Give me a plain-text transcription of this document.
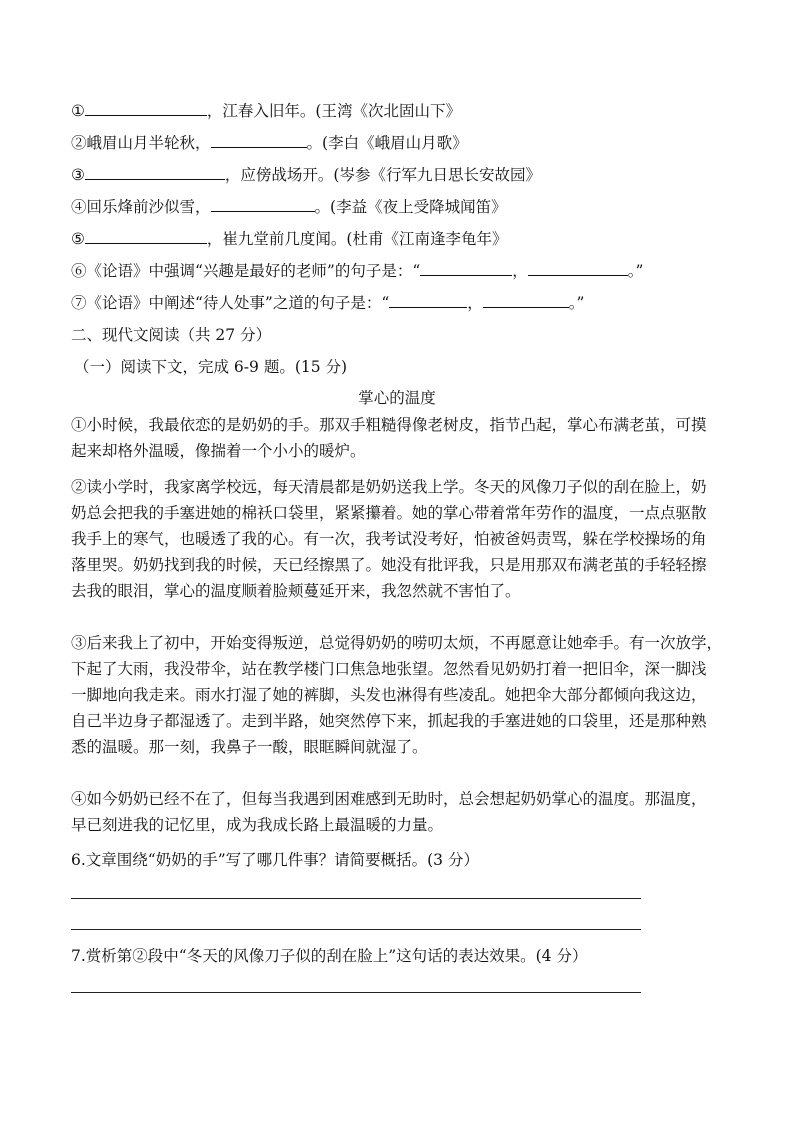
①	，江春入旧年。(王湾《次北固山下》
②峨眉山月半轮秋，	。(李白《峨眉山月歌》
③	，应傍战场开。(岑参《行军九日思长安故园》
④回乐烽前沙似雪，	。(李益《夜上受降城闻笛》
⑤	，崔九堂前几度闻。(杜甫《江南逢李龟年》
⑥《论语》中强调“兴趣是最好的老师”的句子是：“	，	。”
⑦《论语》中阐述“待人处事”之道的句子是：“	，	。”
二、现代文阅读（共 27 分）
（一）阅读下文，完成 6-9 题。(15 分)
掌心的温度
①小时候，我最依恋的是奶奶的手。那双手粗糙得像老树皮，指节凸起，掌心布满老茧，可摸
起来却格外温暖，像揣着一个小小的暖炉。
②读小学时，我家离学校远，每天清晨都是奶奶送我上学。冬天的风像刀子似的刮在脸上，奶
奶总会把我的手塞进她的棉袄口袋里，紧紧攥着。她的掌心带着常年劳作的温度，一点点驱散
我手上的寒气，也暖透了我的心。有一次，我考试没考好，怕被爸妈责骂，躲在学校操场的角
落里哭。奶奶找到我的时候，天已经擦黑了。她没有批评我，只是用那双布满老茧的手轻轻擦
去我的眼泪，掌心的温度顺着脸颊蔓延开来，我忽然就不害怕了。
③后来我上了初中，开始变得叛逆，总觉得奶奶的唠叨太烦，不再愿意让她牵手。有一次放学，
下起了大雨，我没带伞，站在教学楼门口焦急地张望。忽然看见奶奶打着一把旧伞，深一脚浅
一脚地向我走来。雨水打湿了她的裤脚，头发也淋得有些凌乱。她把伞大部分都倾向我这边，
自己半边身子都湿透了。走到半路，她突然停下来，抓起我的手塞进她的口袋里，还是那种熟
悉的温暖。那一刻，我鼻子一酸，眼眶瞬间就湿了。
④如今奶奶已经不在了，但每当我遇到困难感到无助时，总会想起奶奶掌心的温度。那温度，
早已刻进我的记忆里，成为我成长路上最温暖的力量。
6.文章围绕“奶奶的手”写了哪几件事？请简要概括。(3 分）
7.赏析第②段中“冬天的风像刀子似的刮在脸上”这句话的表达效果。(4 分）
